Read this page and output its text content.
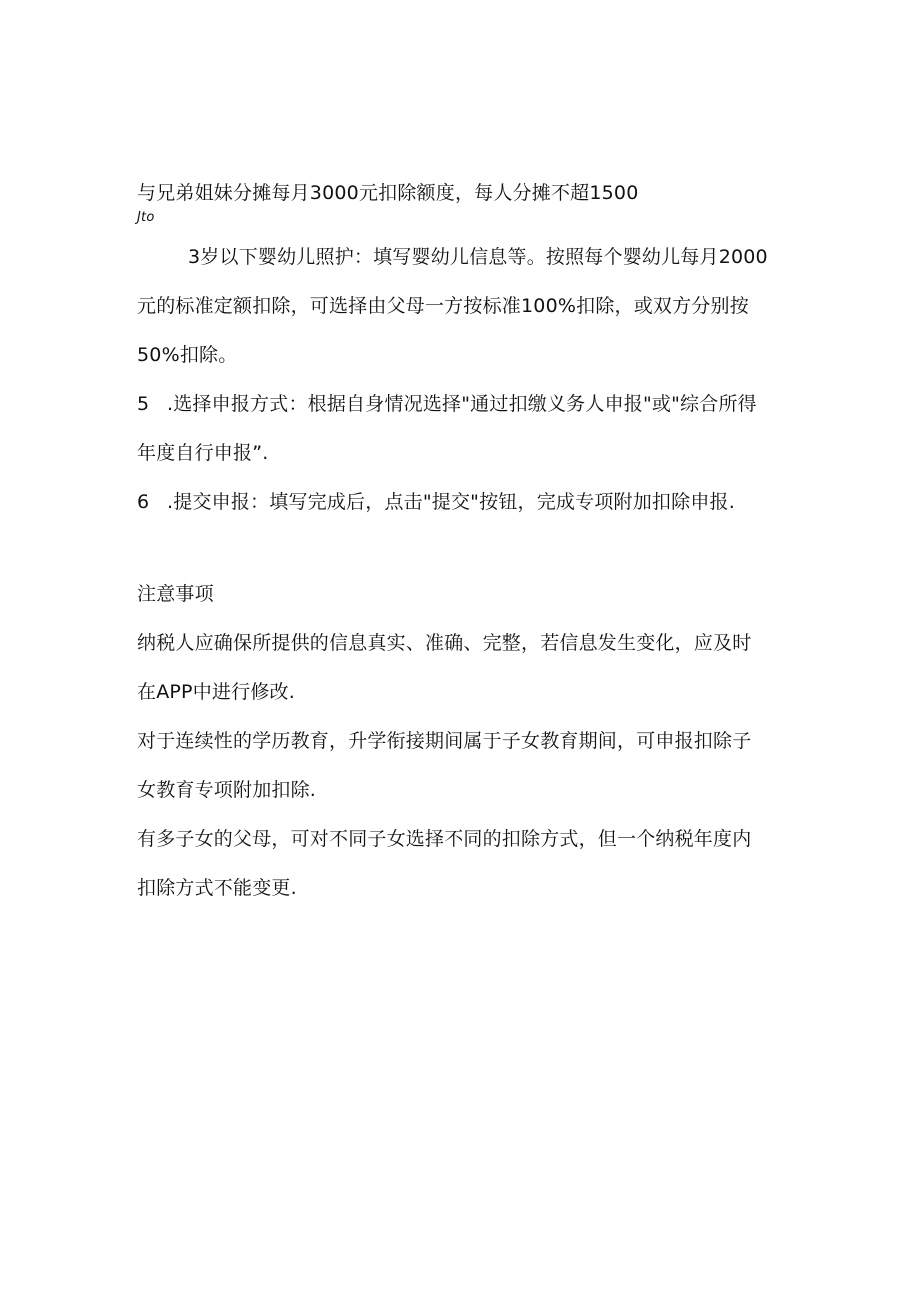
与兄弟姐妹分摊每月3000元扣除额度，每人分摊不超1500
Jto
3岁以下婴幼儿照护：填写婴幼儿信息等。按照每个婴幼儿每月2000
元的标准定额扣除，可选择由父母一方按标准100%扣除，或双方分别按
50%扣除。
5 .选择申报方式：根据自身情况选择"通过扣缴义务人申报"或"综合所得
年度自行申报”.
6 .提交申报：填写完成后，点击"提交"按钮，完成专项附加扣除申报.
注意事项
纳税人应确保所提供的信息真实、准确、完整，若信息发生变化，应及时
在APP中进行修改.
对于连续性的学历教育，升学衔接期间属于子女教育期间，可申报扣除子
女教育专项附加扣除.
有多子女的父母，可对不同子女选择不同的扣除方式，但一个纳税年度内
扣除方式不能变更.
